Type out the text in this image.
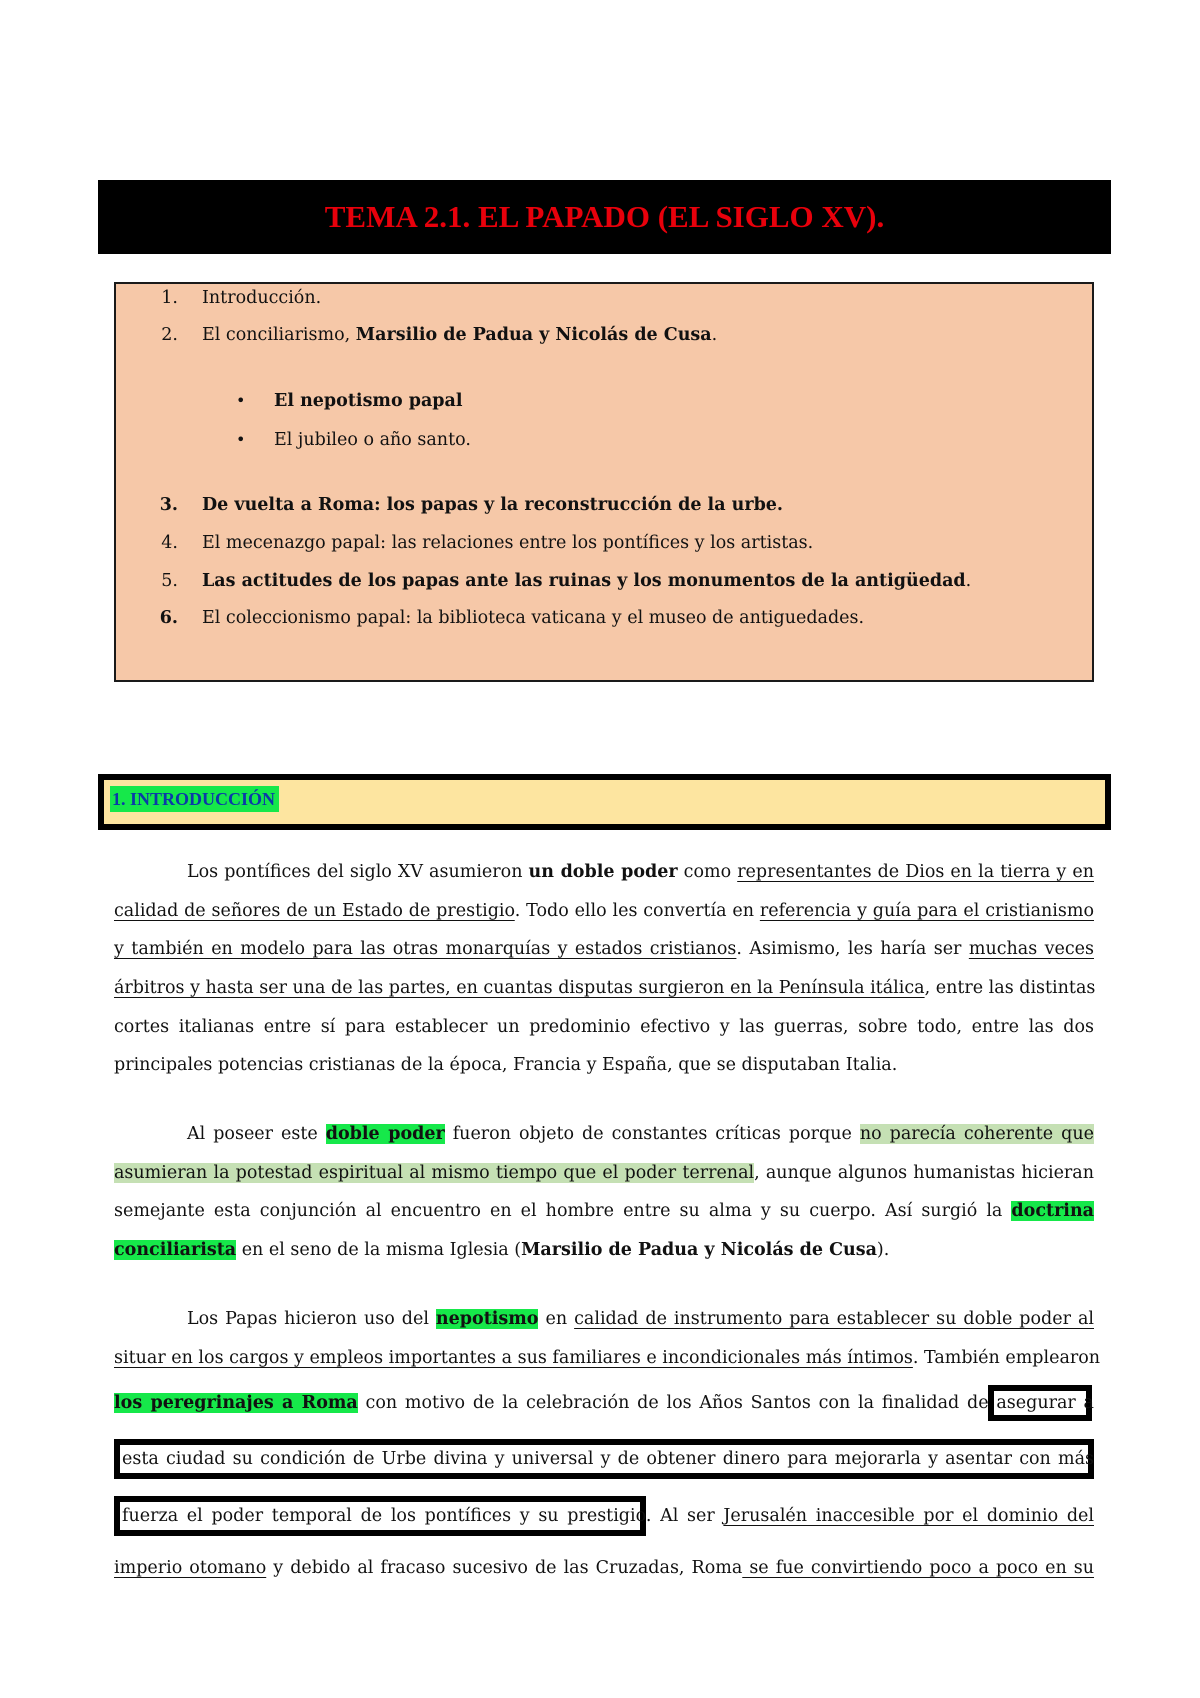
TEMA 2.1. EL PAPADO (EL SIGLO XV).
1. Introducción.
2. El conciliarismo, Marsilio de Padua y Nicolás de Cusa.
• El nepotismo papal
• El jubileo o año santo.
3. De vuelta a Roma: los papas y la reconstrucción de la urbe.
4. El mecenazgo papal: las relaciones entre los pontífices y los artistas.
5. Las actitudes de los papas ante las ruinas y los monumentos de la antigüedad.
6. El coleccionismo papal: la biblioteca vaticana y el museo de antiguedades.
1. INTRODUCCIÓN
Los pontífices del siglo XV asumieron un doble poder como representantes de Dios en la tierra y en
calidad de señores de un Estado de prestigio. Todo ello les convertía en referencia y guía para el cristianismo
y también en modelo para las otras monarquías y estados cristianos. Asimismo, les haría ser muchas veces
árbitros y hasta ser una de las partes, en cuantas disputas surgieron en la Península itálica, entre las distintas
cortes italianas entre sí para establecer un predominio efectivo y las guerras, sobre todo, entre las dos
principales potencias cristianas de la época, Francia y España, que se disputaban Italia.
Al poseer este doble poder fueron objeto de constantes críticas porque no parecía coherente que
asumieran la potestad espiritual al mismo tiempo que el poder terrenal, aunque algunos humanistas hicieran
semejante esta conjunción al encuentro en el hombre entre su alma y su cuerpo. Así surgió la doctrina
conciliarista en el seno de la misma Iglesia (Marsilio de Padua y Nicolás de Cusa).
Los Papas hicieron uso del nepotismo en calidad de instrumento para establecer su doble poder al
situar en los cargos y empleos importantes a sus familiares e incondicionales más íntimos. También emplearon
los peregrinajes a Roma con motivo de la celebración de los Años Santos con la finalidad de asegurar a
esta ciudad su condición de Urbe divina y universal y de obtener dinero para mejorarla y asentar con más
fuerza el poder temporal de los pontífices y su prestigio. Al ser Jerusalén inaccesible por el dominio del
imperio otomano y debido al fracaso sucesivo de las Cruzadas, Roma se fue convirtiendo poco a poco en su
